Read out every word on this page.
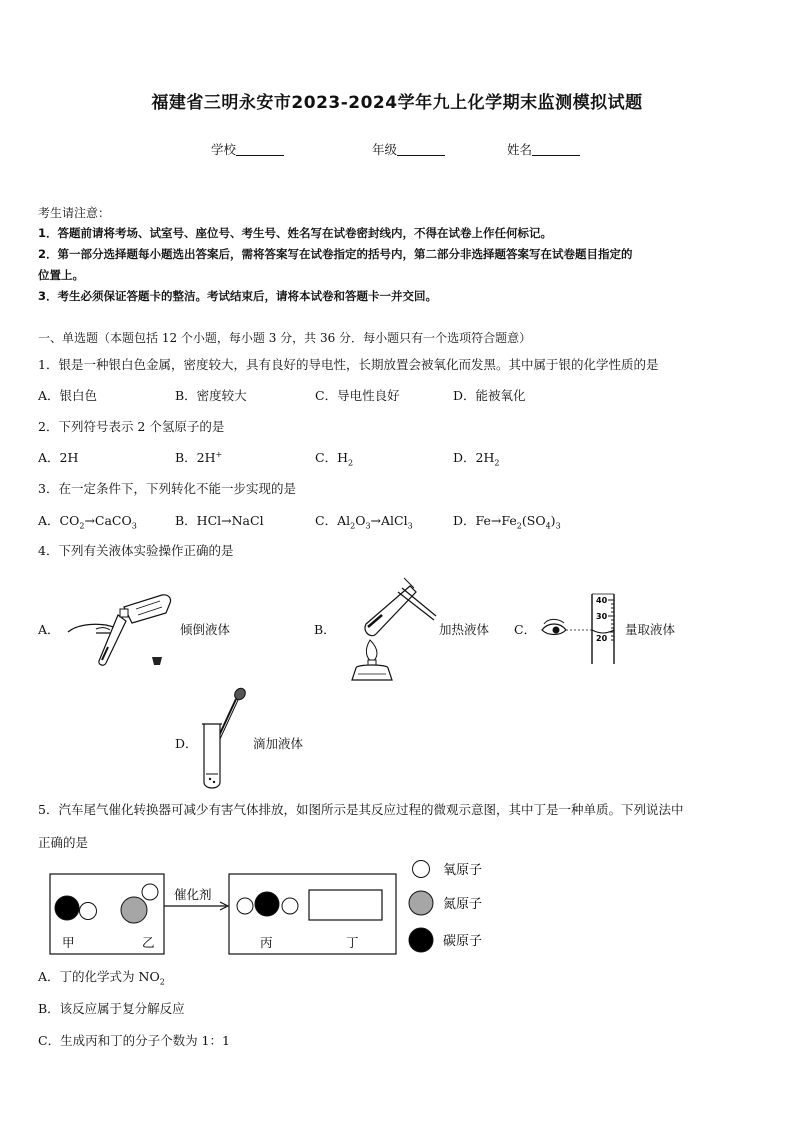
福建省三明永安市2023-2024学年九上化学期末监测模拟试题
学校	年级	姓名
考生请注意：
1．答题前请将考场、试室号、座位号、考生号、姓名写在试卷密封线内，不得在试卷上作任何标记。
2．第一部分选择题每小题选出答案后，需将答案写在试卷指定的括号内，第二部分非选择题答案写在试卷题目指定的
位置上。
3．考生必须保证答题卡的整洁。考试结束后，请将本试卷和答题卡一并交回。
一、单选题（本题包括 12 个小题，每小题 3 分，共 36 分．每小题只有一个选项符合题意）
1．银是一种银白色金属，密度较大，具有良好的导电性，长期放置会被氧化而发黑。其中属于银的化学性质的是
A．银白色	B．密度较大	C．导电性良好	D．能被氧化
2．下列符号表示 2 个氢原子的是
A．2H	B．2H+	C．$H_2$	D．$2H_2$
3．在一定条件下，下列转化不能一步实现的是
A．$CO_2\to CaCO_3$	B．HCl→NaCl	C．$Al_2O_3\to AlCl_3$	D．$Fe\to Fe_2(SO_4)_3$
4．下列有关液体实验操作正确的是
A．	倾倒液体	B．	加热液体 C．
40
30
20
量取液体
D．	滴加液体
5．汽车尾气催化转换器可减少有害气体排放，如图所示是其反应过程的微观示意图，其中丁是一种单质。下列说法中
正确的是
甲	乙
催化剂
丙	丁
氧原子
氮原子
碳原子
A．丁的化学式为 $NO_2$
B．该反应属于复分解反应
C．生成丙和丁的分子个数为 1：1
